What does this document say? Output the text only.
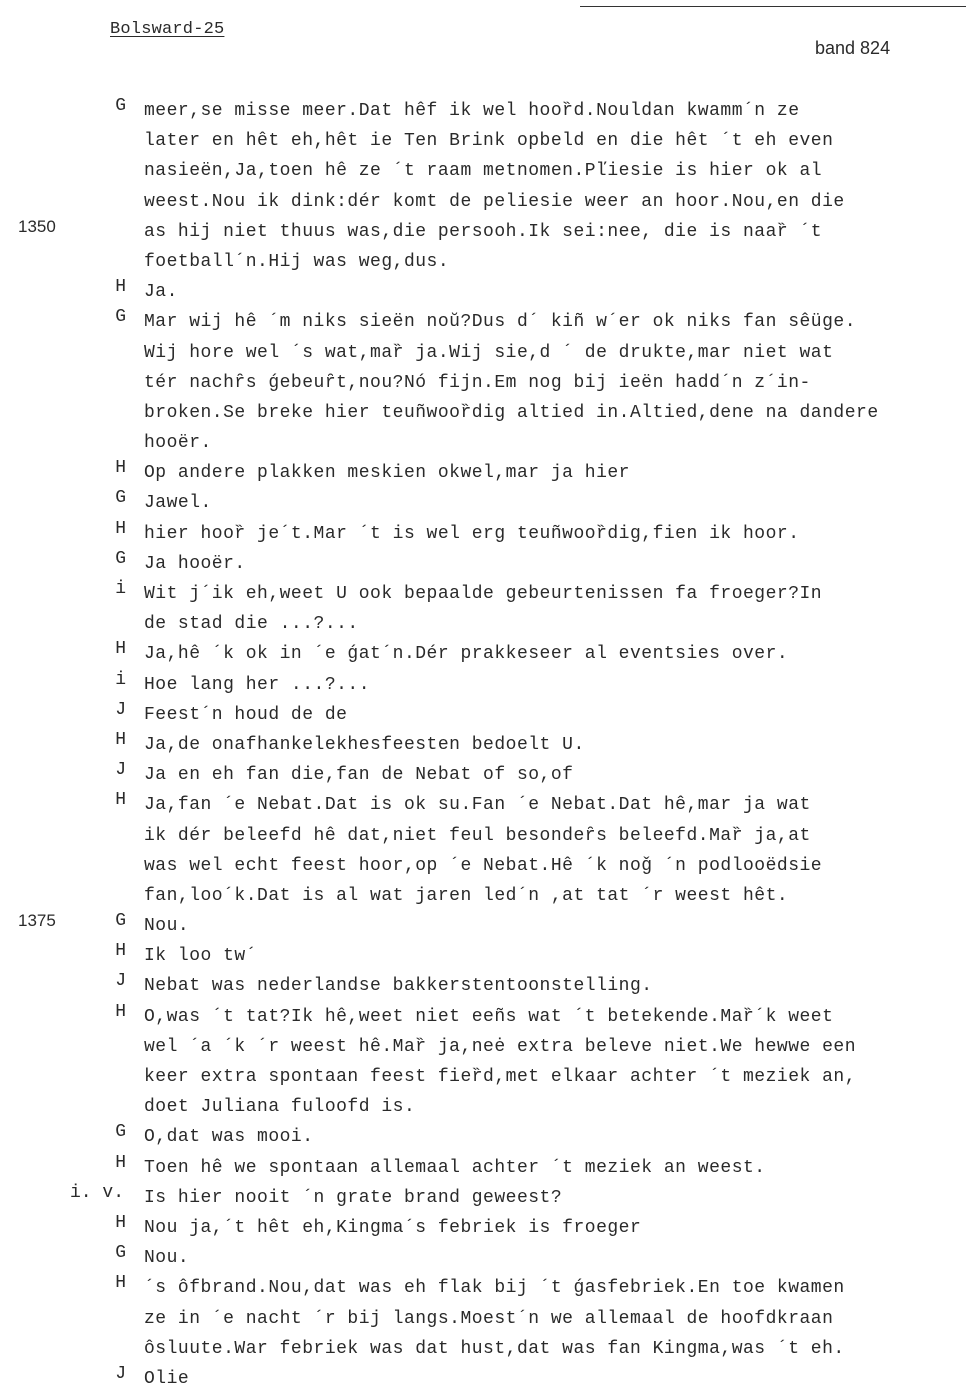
Bolsward-25
band 824
G
1350
meer,se misse meer.Dat hêf ik wel hooȑd.Nouldan kwamm´n ze
later en hêt eh,hêt ie Ten Brink opbeld en die hêt ´t eh even
nasieën,Ja,toen hê ze ´t raam metnomen.Pľiesie is hier ok al
weest.Nou ik dink:dér komt de peliesie weer an hoor.Nou,en die
as hij niet thuus was,die persooh.Ik sei:nee, die is naaȑ ´t
foetball´n.Hij was weg,dus.
H Ja.
G Mar wij hê ´m niks sieën noŭ?Dus d´ kiñ w´er ok niks fan sêüge.
Wij hore wel ´s wat,maȑ ja.Wij sie,d ´ de drukte,mar niet wat
tér nachȓs ǵebeuȓt,nou?Nó fijn.Em nog bij ieën hadd´n z´in-
broken.Se breke hier teuñwooȑdig altied in.Altied,dene na dandere
hooër.
H Op andere plakken meskien okwel,mar ja hier
G Jawel.
H hier hooȑ je´t.Mar ´t is wel erg teuñwooȑdig,fien ik hoor.
G Ja hooër.
i Wit j´ik eh,weet U ook bepaalde gebeurtenissen fa froeger?In
de stad die ...?...
H Ja,hê ´k ok in ´e ǵat´n.Dér prakkeseer al eventsies over.
i Hoe lang her ...?...
J Feest´n houd de de
H Ja,de onafhankelekhesfeesten bedoelt U.
J Ja en eh fan die,fan de Nebat of so,of
H Ja,fan ´e Nebat.Dat is ok su.Fan ´e Nebat.Dat hê,mar ja wat
ik dér beleefd hê dat,niet feul besondeȓs beleefd.Maȑ ja,at
was wel echt feest hoor,op ´e Nebat.Hê ´k noǧ ´n podlooëdsie
fan,loo´k.Dat is al wat jaren led´n ,at tat ´r weest hêt.
1375	G Nou.
H Ik loo tw´
J Nebat was nederlandse bakkerstentoonstelling.
H O,was ´t tat?Ik hê,weet niet eeñs wat ´t betekende.Maȑ´k weet
wel ´a ´k ´r weest hê.Maȑ ja,neė extra beleve niet.We hewwe een
keer extra spontaan feest fieȑd,met elkaar achter ´t meziek an,
doet Juliana fuloofd is.
G O,dat was mooi.
H Toen hê we spontaan allemaal achter ´t meziek an weest.
i. v. Is hier nooit ´n grate brand geweest?
H Nou ja,´t hêt eh,Kingma´s febriek is froeger
G Nou.
H ´s ôfbrand.Nou,dat was eh flak bij ´t ǵasfebriek.En toe kwamen
ze in ´e nacht ´r bij langs.Moest´n we allemaal de hoofdkraan
ôsluute.War febriek was dat hust,dat was fan Kingma,was ´t eh.
J Olie
